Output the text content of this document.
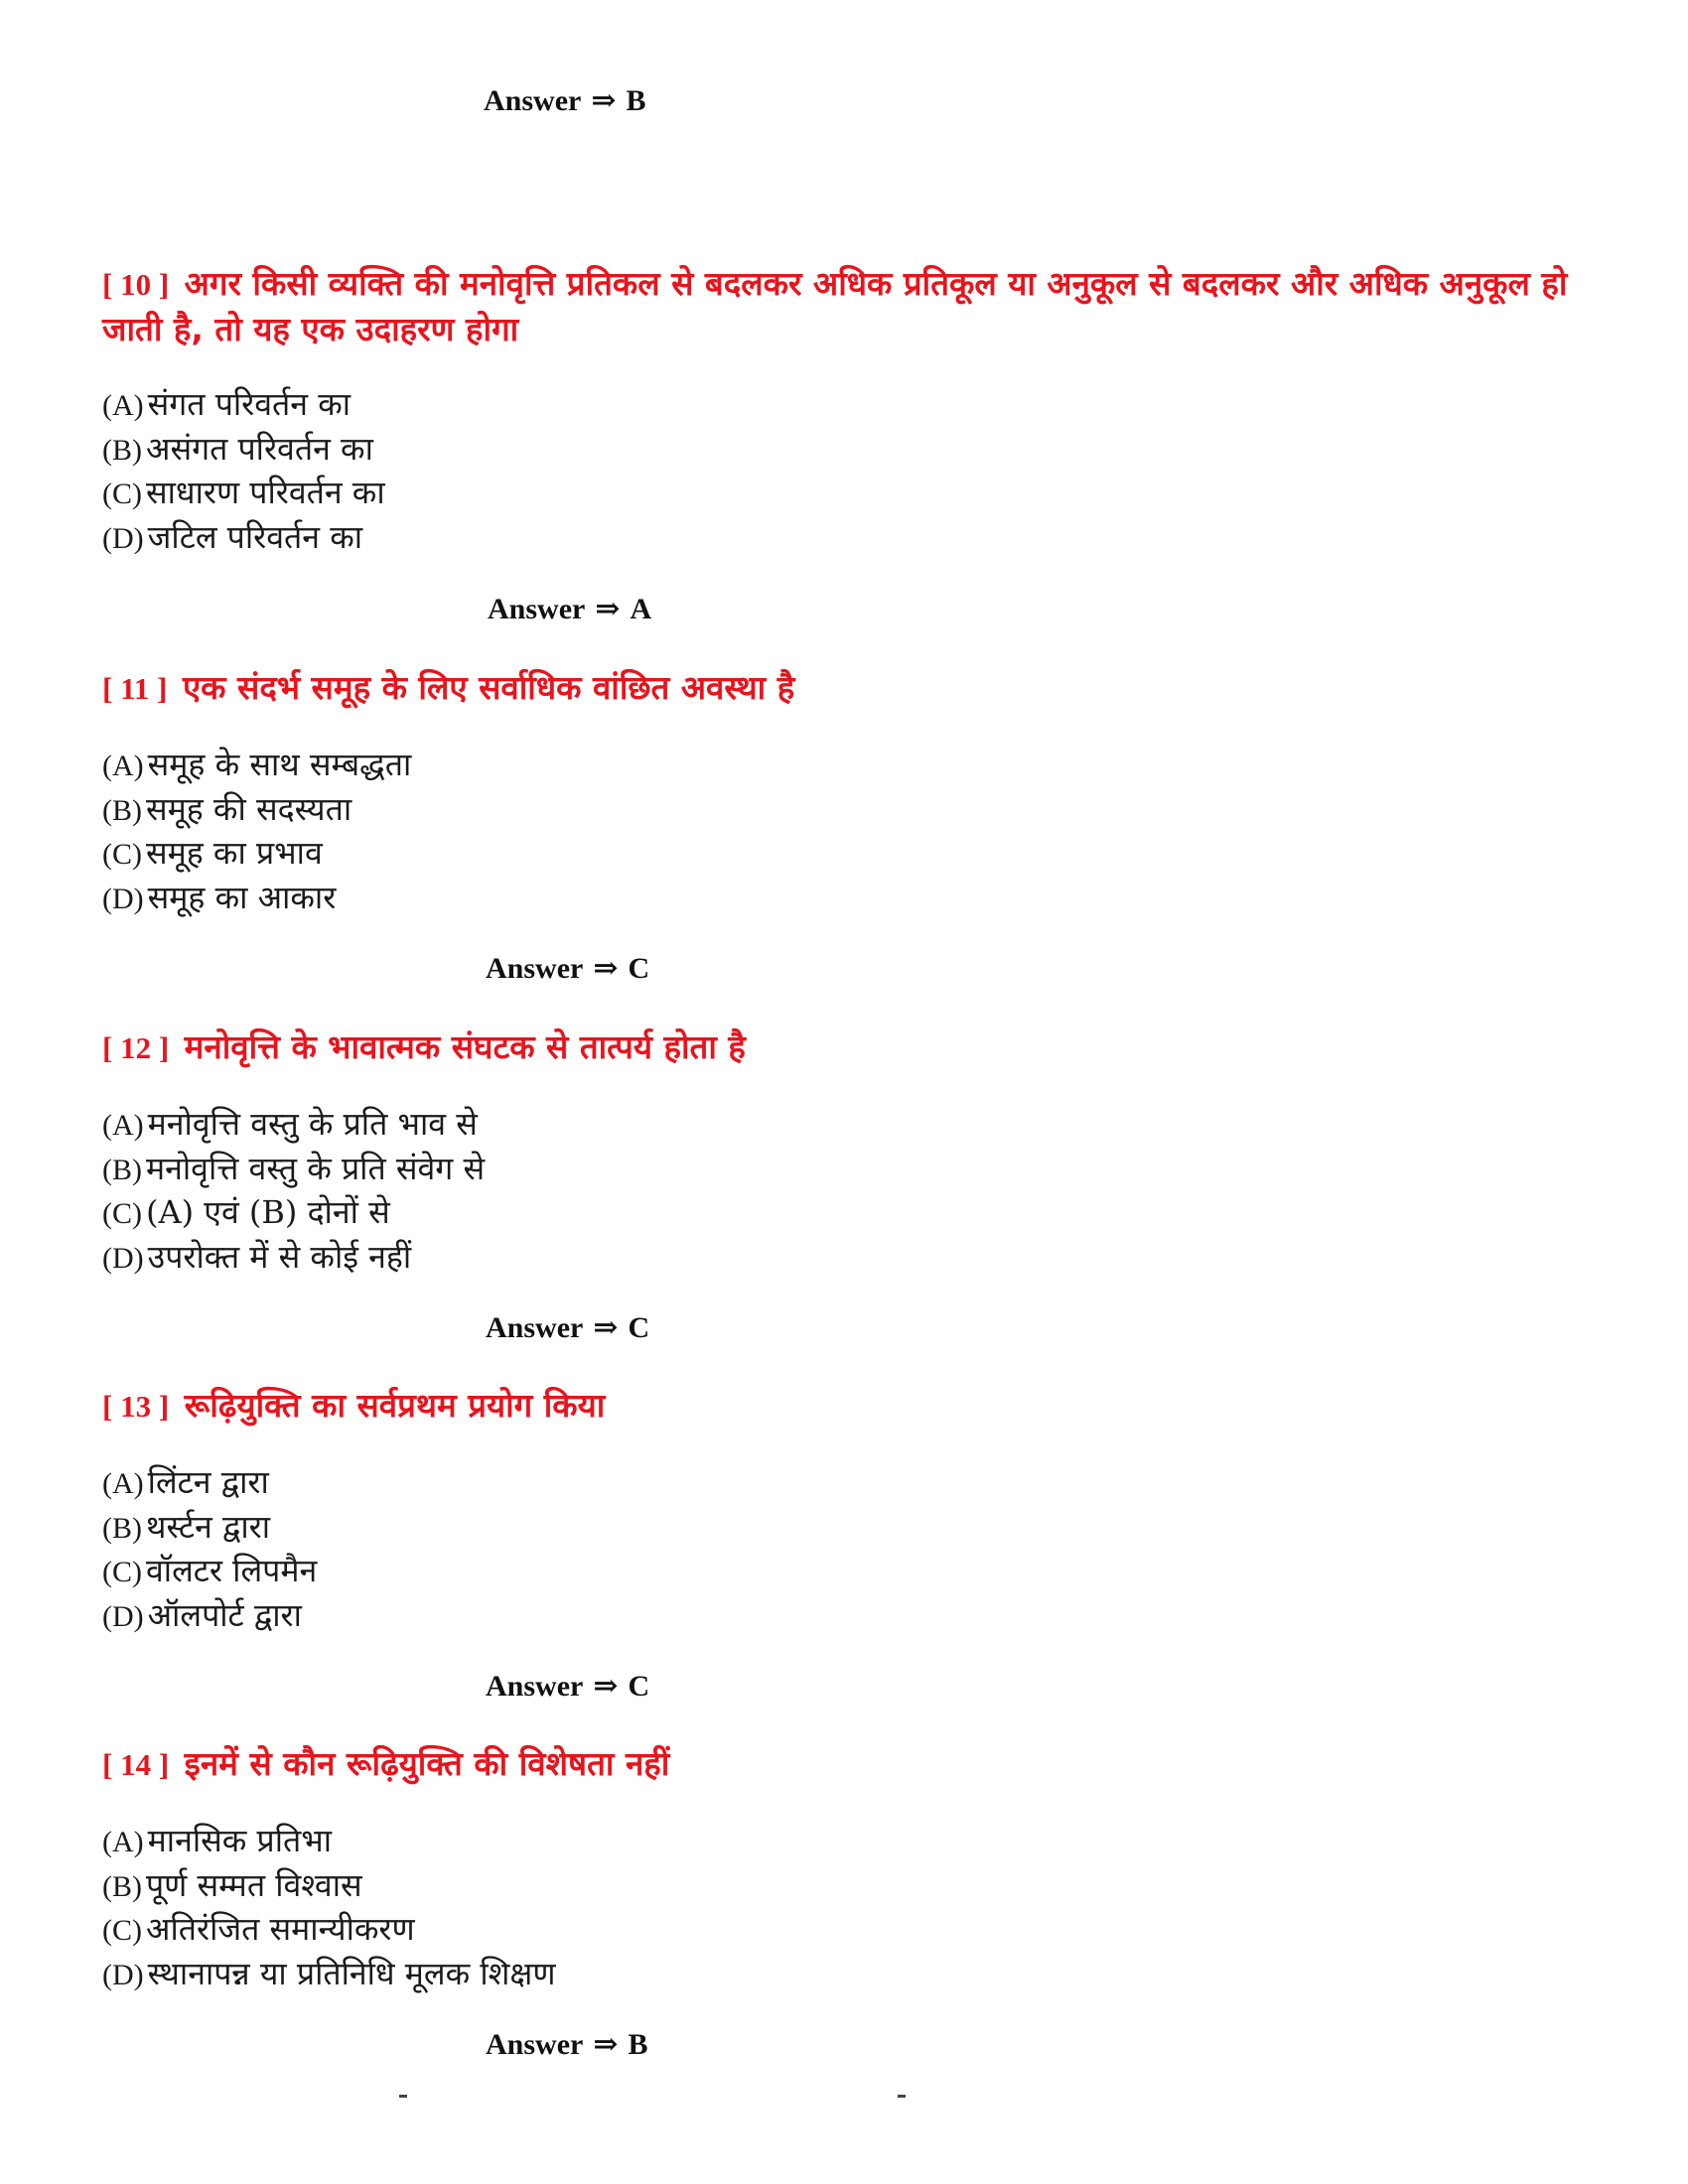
Answer ⇒ B
[ 10 ] अगर किसी व्यक्ति की मनोवृत्ति प्रतिकल से बदलकर अधिक प्रतिकूल या अनुकूल से बदलकर और अधिक अनुकूल हो जाती है, तो यह एक उदाहरण होगा
(A) संगत परिवर्तन का
(B) असंगत परिवर्तन का
(C) साधारण परिवर्तन का
(D) जटिल परिवर्तन का
Answer ⇒ A
[ 11 ] एक संदर्भ समूह के लिए सर्वाधिक वांछित अवस्था है
(A) समूह के साथ सम्बद्धता
(B) समूह की सदस्यता
(C) समूह का प्रभाव
(D) समूह का आकार
Answer ⇒ C
[ 12 ] मनोवृत्ति के भावात्मक संघटक से तात्पर्य होता है
(A) मनोवृत्ति वस्तु के प्रति भाव से
(B) मनोवृत्ति वस्तु के प्रति संवेग से
(C) (A) एवं (B) दोनों से
(D) उपरोक्त में से कोई नहीं
Answer ⇒ C
[ 13 ] रूढ़ियुक्ति का सर्वप्रथम प्रयोग किया
(A) लिंटन द्वारा
(B) थर्स्टन द्वारा
(C) वॉलटर लिपमैन
(D) ऑलपोर्ट द्वारा
Answer ⇒ C
[ 14 ] इनमें से कौन रूढ़ियुक्ति की विशेषता नहीं
(A) मानसिक प्रतिभा
(B) पूर्ण सम्मत विश्वास
(C) अतिरंजित समान्यीकरण
(D) स्थानापन्न या प्रतिनिधि मूलक शिक्षण
Answer ⇒ B
